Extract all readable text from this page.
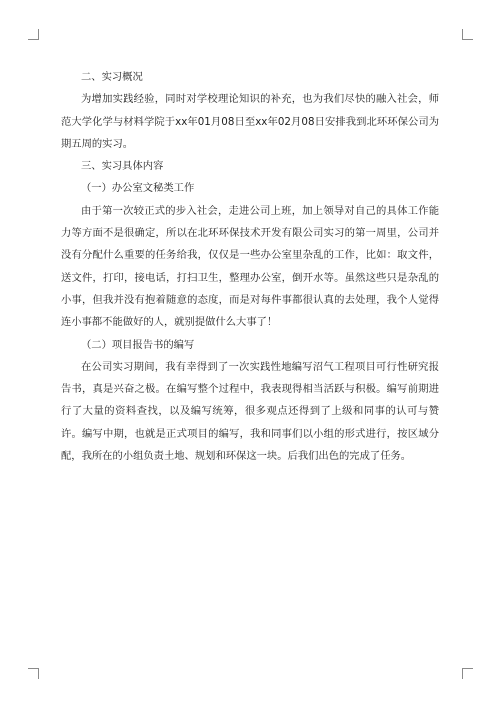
二、实习概况

为增加实践经验，同时对学校理论知识的补充，也为我们尽快的融入社会，师范大学化学与材料学院于xx年01月08日至xx年02月08日安排我到北环环保公司为期五周的实习。

三、实习具体内容

（一）办公室文秘类工作

由于第一次较正式的步入社会，走进公司上班，加上领导对自己的具体工作能力等方面不是很确定，所以在北环环保技术开发有限公司实习的第一周里，公司并没有分配什么重要的任务给我，仅仅是一些办公室里杂乱的工作，比如：取文件，送文件，打印，接电话，打扫卫生，整理办公室，倒开水等。虽然这些只是杂乱的小事，但我并没有抱着随意的态度，而是对每件事都很认真的去处理，我个人觉得连小事都不能做好的人，就别提做什么大事了！

（二）项目报告书的编写

在公司实习期间，我有幸得到了一次实践性地编写沼气工程项目可行性研究报告书，真是兴奋之极。在编写整个过程中，我表现得相当活跃与积极。编写前期进行了大量的资料查找，以及编写统筹，很多观点还得到了上级和同事的认可与赞许。编写中期，也就是正式项目的编写，我和同事们以小组的形式进行，按区域分配，我所在的小组负责土地、规划和环保这一块。后我们出色的完成了任务。
